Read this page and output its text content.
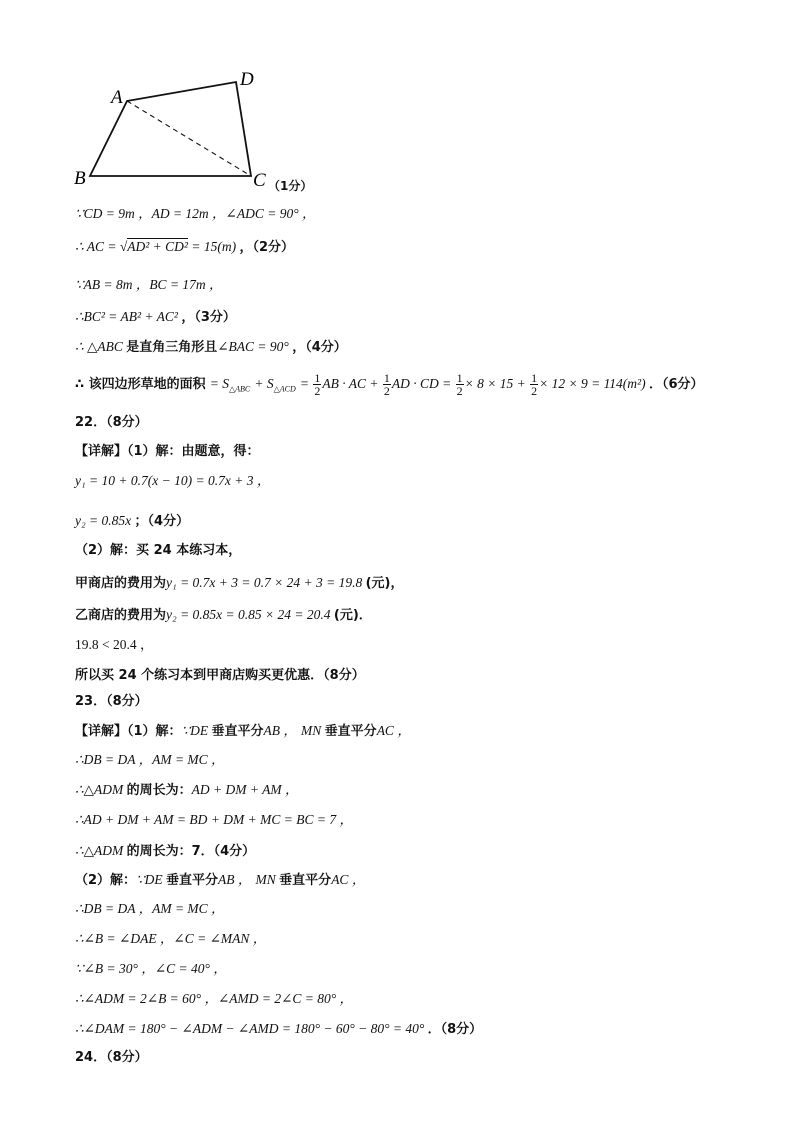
A
D
B	C （1分）
∵CD = 9m ，AD = 12m ，∠ADC = 90° ，
∴ AC = √AD² + CD² = 15(m) ，（2分）
∵AB = 8m ，BC = 17m ，
∴BC² = AB² + AC² ，（3分）
∴ △ABC 是直角三角形且∠BAC = 90° ，（4分）
∴ 该四边形草地的面积 = $S_{\triangle ABC} + S_{\triangle ACD} = \frac{1}{2}$ AB · AC + $\frac{1}{2}$ AD · CD = $\frac{1}{2} \times 8 \times 15 + \frac{1}{2} \times 12 \times 9 = 114(m^2)$ ．（6分）
22．（8分）
【详解】（1）解：由题意，得：
y₁ = 10 + 0.7(x − 10) = 0.7x + 3 ，
y₂ = 0.85x ；（4分）
（2）解：买 24 本练习本，
甲商店的费用为y₁ = 0.7x + 3 = 0.7 × 24 + 3 = 19.8 (元)，
乙商店的费用为y₂ = 0.85x = 0.85 × 24 = 20.4 (元)．
19.8 < 20.4 ，
所以买 24 个练习本到甲商店购买更优惠．（8分）
23．（8分）
【详解】（1）解：∵DE 垂直平分AB ， MN 垂直平分AC ，
∴DB = DA ，AM = MC ，
∴△ADM 的周长为：AD + DM + AM ，
∴AD + DM + AM = BD + DM + MC = BC = 7 ，
∴△ADM 的周长为：7．（4分）
（2）解：∵DE 垂直平分AB ， MN 垂直平分AC ，
∴DB = DA ，AM = MC ，
∴∠B = ∠DAE ，∠C = ∠MAN ，
∵∠B = 30° ，∠C = 40° ，
∴∠ADM = 2∠B = 60° ，∠AMD = 2∠C = 80° ，
∴∠DAM = 180° − ∠ADM − ∠AMD = 180° − 60° − 80° = 40° ．（8分）
24．（8分）
